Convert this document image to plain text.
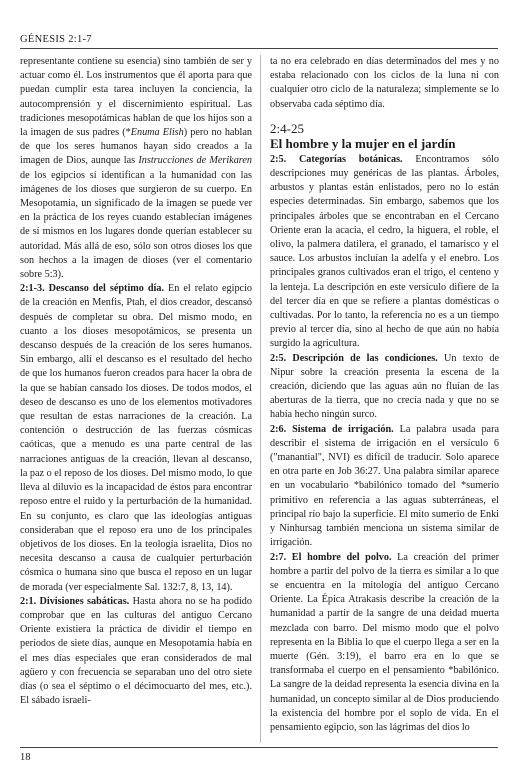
GÉNESIS 2:1-7

representante contiene su esencia) sino también de ser y actuar como él. Los instrumentos que él aporta para que puedan cumplir esta tarea incluyen la conciencia, la autocomprensión y el discernimiento espiritual. Las tradiciones mesopotámicas hablan de que los hijos son a la imagen de sus padres (*Enuma Elish) pero no hablan de que los seres humanos hayan sido creados a la imagen de Dios, aunque las Instrucciones de Merikaren de los egipcios sí identifican a la humanidad con las imágenes de los dioses que surgieron de su cuerpo. En Mesopotamia, un significado de la imagen se puede ver en la práctica de los reyes cuando establecían imágenes de sí mismos en los lugares donde querían establecer su autoridad. Más allá de eso, sólo son otros dioses los que son hechos a la imagen de dioses (ver el comentario sobre 5:3).

2:1-3. Descanso del séptimo día. En el relato egipcio de la creación en Menfis, Ptah, el dios creador, descansó después de completar su obra. Del mismo modo, en cuanto a los dioses mesopotámicos, se presenta un descanso después de la creación de los seres humanos. Sin embargo, allí el descanso es el resultado del hecho de que los humanos fueron creados para hacer la obra de la que se habían cansado los dioses. De todos modos, el deseo de descanso es uno de los elementos motivadores que resultan de estas narraciones de la creación. La contención o destrucción de las fuerzas cósmicas caóticas, que a menudo es una parte central de las narraciones antiguas de la creación, llevan al descanso, la paz o el reposo de los dioses. Del mismo modo, lo que lleva al diluvio es la incapacidad de éstos para encontrar reposo entre el ruido y la perturbación de la humanidad. En su conjunto, es claro que las ideologías antiguas consideraban que el reposo era uno de los principales objetivos de los dioses. En la teología israelita, Dios no necesita descanso a causa de cualquier perturbación cósmica o humana sino que busca el reposo en un lugar de morada (ver especialmente Sal. 132:7, 8, 13, 14).

2:1. Divisiones sabáticas. Hasta ahora no se ha podido comprobar que en las culturas del antiguo Cercano Oriente existiera la práctica de dividir el tiempo en períodos de siete días, aunque en Mesopotamia había en el mes días especiales que eran considerados de mal agüero y con frecuencia se separaban uno del otro siete días (o sea el séptimo o el décimocuarto del mes, etc.). El sábado israeli-

ta no era celebrado en días determinados del mes y no estaba relacionado con los ciclos de la luna ni con cualquier otro ciclo de la naturaleza; simplemente se lo observaba cada séptimo día.

2:4-25

El hombre y la mujer en el jardín

2:5. Categorías botánicas. Encontramos sólo descripciones muy genéricas de las plantas. Árboles, arbustos y plantas están enlistados, pero no lo están especies determinadas. Sin embargo, sabemos que los principales árboles que se encontraban en el Cercano Oriente eran la acacia, el cedro, la higuera, el roble, el olivo, la palmera datilera, el granado, el tamarisco y el sauce. Los arbustos incluían la adelfa y el enebro. Los principales granos cultivados eran el trigo, el centeno y la lenteja. La descripción en este versículo difiere de la del tercer día en que se refiere a plantas domésticas o cultivadas. Por lo tanto, la referencia no es a un tiempo previo al tercer día, sino al hecho de que aún no había surgido la agricultura.

2:5. Descripción de las condiciones. Un texto de Nipur sobre la creación presenta la escena de la creación, diciendo que las aguas aún no fluían de las aberturas de la tierra, que no crecía nada y que no se había hecho ningún surco.

2:6. Sistema de irrigación. La palabra usada para describir el sistema de irrigación en el versículo 6 ("manantial", NVI) es difícil de traducir. Solo aparece en otra parte en Job 36:27. Una palabra similar aparece en un vocabulario *babilónico tomado del *sumerio primitivo en referencia a las aguas subterráneas, el principal río bajo la superficie. El mito sumerio de Enki y Ninhursag también menciona un sistema similar de irrigación.

2:7. El hombre del polvo. La creación del primer hombre a partir del polvo de la tierra es similar a lo que se encuentra en la mitología del antiguo Cercano Oriente. La Épica Atrakasis describe la creación de la humanidad a partir de la sangre de una deidad muerta mezclada con barro. Del mismo modo que el polvo representa en la Biblia lo que el cuerpo llega a ser en la muerte (Gén. 3:19), el barro era en lo que se transformaba el cuerpo en el pensamiento *babilónico. La sangre de la deidad representa la esencia divina en la humanidad, un concepto similar al de Dios produciendo la existencia del hombre por el soplo de vida. En el pensamiento egipcio, son las lágrimas del dios lo

18
